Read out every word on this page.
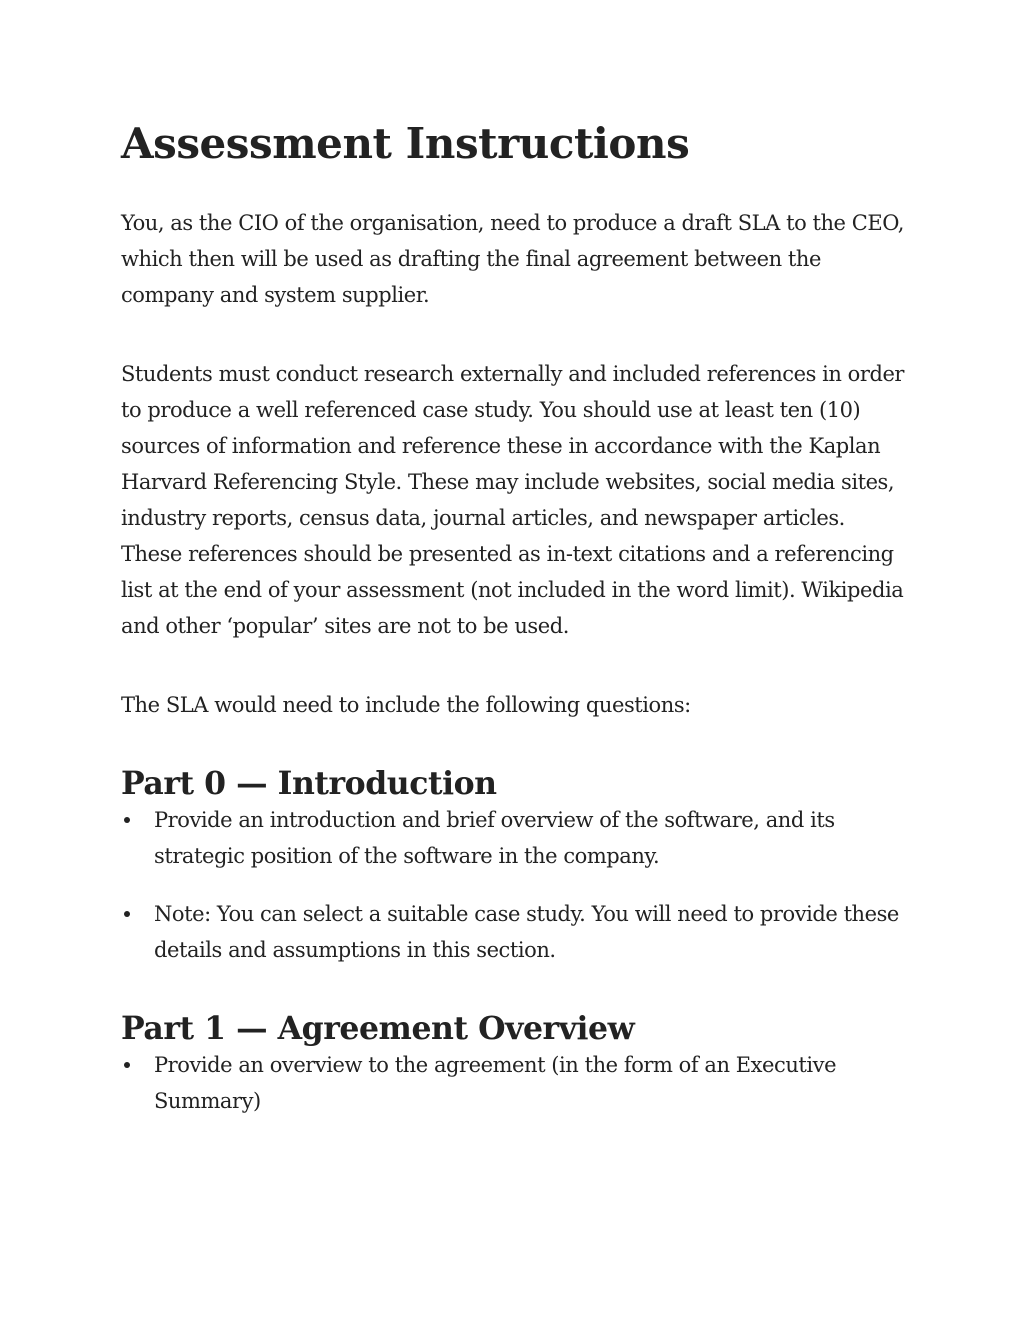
Assessment Instructions

You, as the CIO of the organisation, need to produce a draft SLA to the CEO, which then will be used as drafting the final agreement between the company and system supplier.

Students must conduct research externally and included references in order to produce a well referenced case study. You should use at least ten (10) sources of information and reference these in accordance with the Kaplan Harvard Referencing Style. These may include websites, social media sites, industry reports, census data, journal articles, and newspaper articles. These references should be presented as in-text citations and a referencing list at the end of your assessment (not included in the word limit). Wikipedia and other ‘popular’ sites are not to be used.

The SLA would need to include the following questions:

Part 0 — Introduction
Provide an introduction and brief overview of the software, and its strategic position of the software in the company.
Note: You can select a suitable case study. You will need to provide these details and assumptions in this section.
Part 1 — Agreement Overview
Provide an overview to the agreement (in the form of an Executive Summary)
